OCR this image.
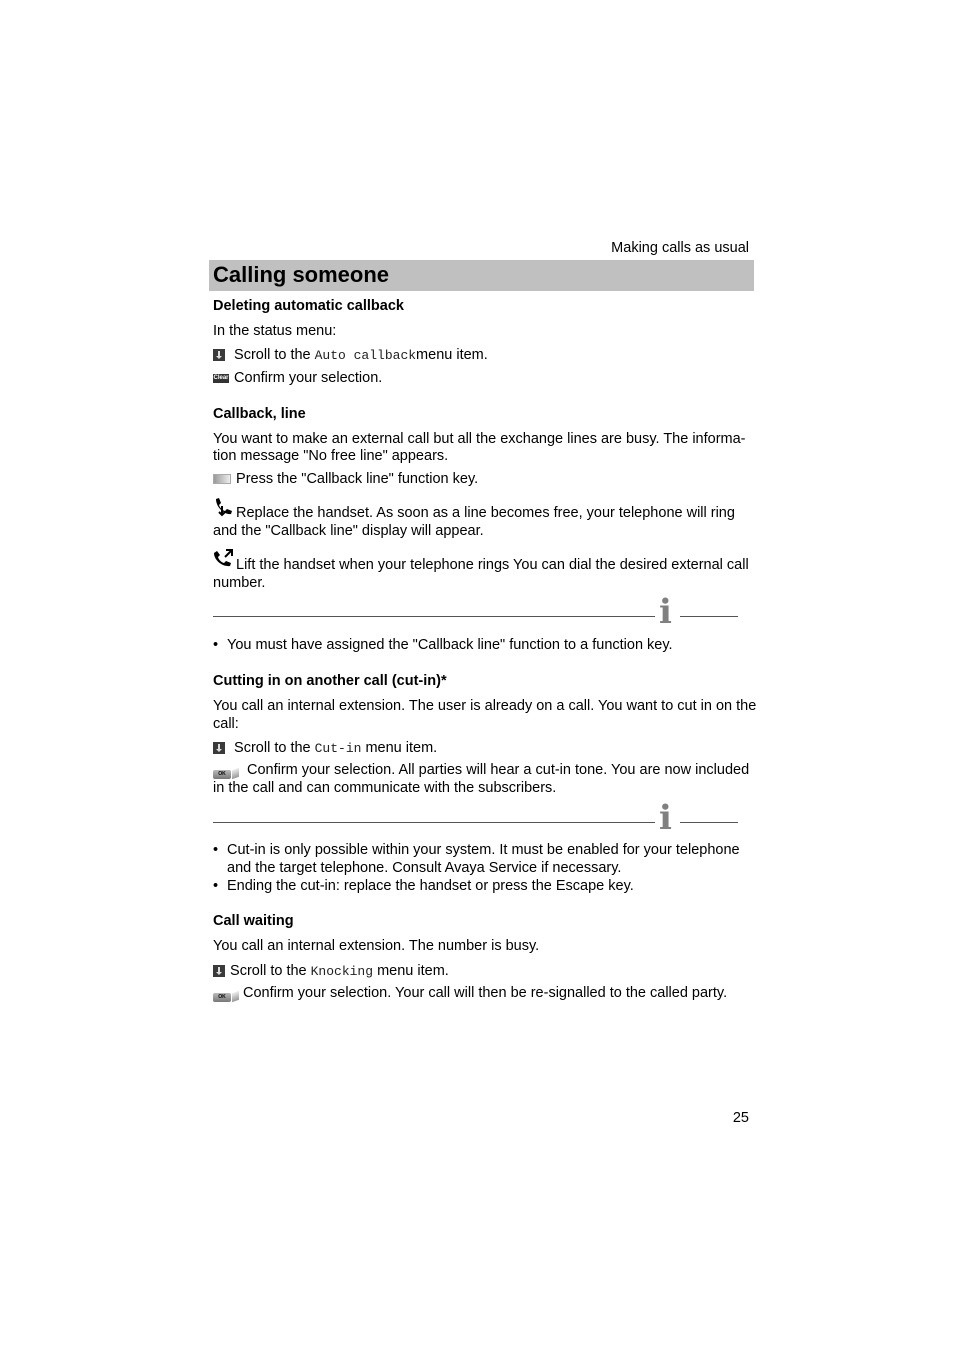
Making calls as usual
Calling someone
Deleting automatic callback
In the status menu:
Scroll to the Auto callbackmenu item.
Clear Confirm your selection.
Callback, line
You want to make an external call but all the exchange lines are busy. The informa-
tion message "No free line" appears.
Press the "Callback line" function key.
Replace the handset. As soon as a line becomes free, your telephone will ring
and the "Callback line" display will appear.
Lift the handset when your telephone rings You can dial the desired external call
number.
i
• You must have assigned the "Callback line" function to a function key.
Cutting in on another call (cut-in)*
You call an internal extension. The user is already on a call. You want to cut in on the
call:
Scroll to the Cut-in menu item.
OK	Confirm your selection. All parties will hear a cut-in tone. You are now included
in the call and can communicate with the subscribers.
i
• Cut-in is only possible within your system. It must be enabled for your telephone
and the target telephone. Consult Avaya Service if necessary.
• Ending the cut-in: replace the handset or press the Escape key.
Call waiting
You call an internal extension. The number is busy.
Scroll to the Knocking menu item.
OK	Confirm your selection. Your call will then be re-signalled to the called party.
25
